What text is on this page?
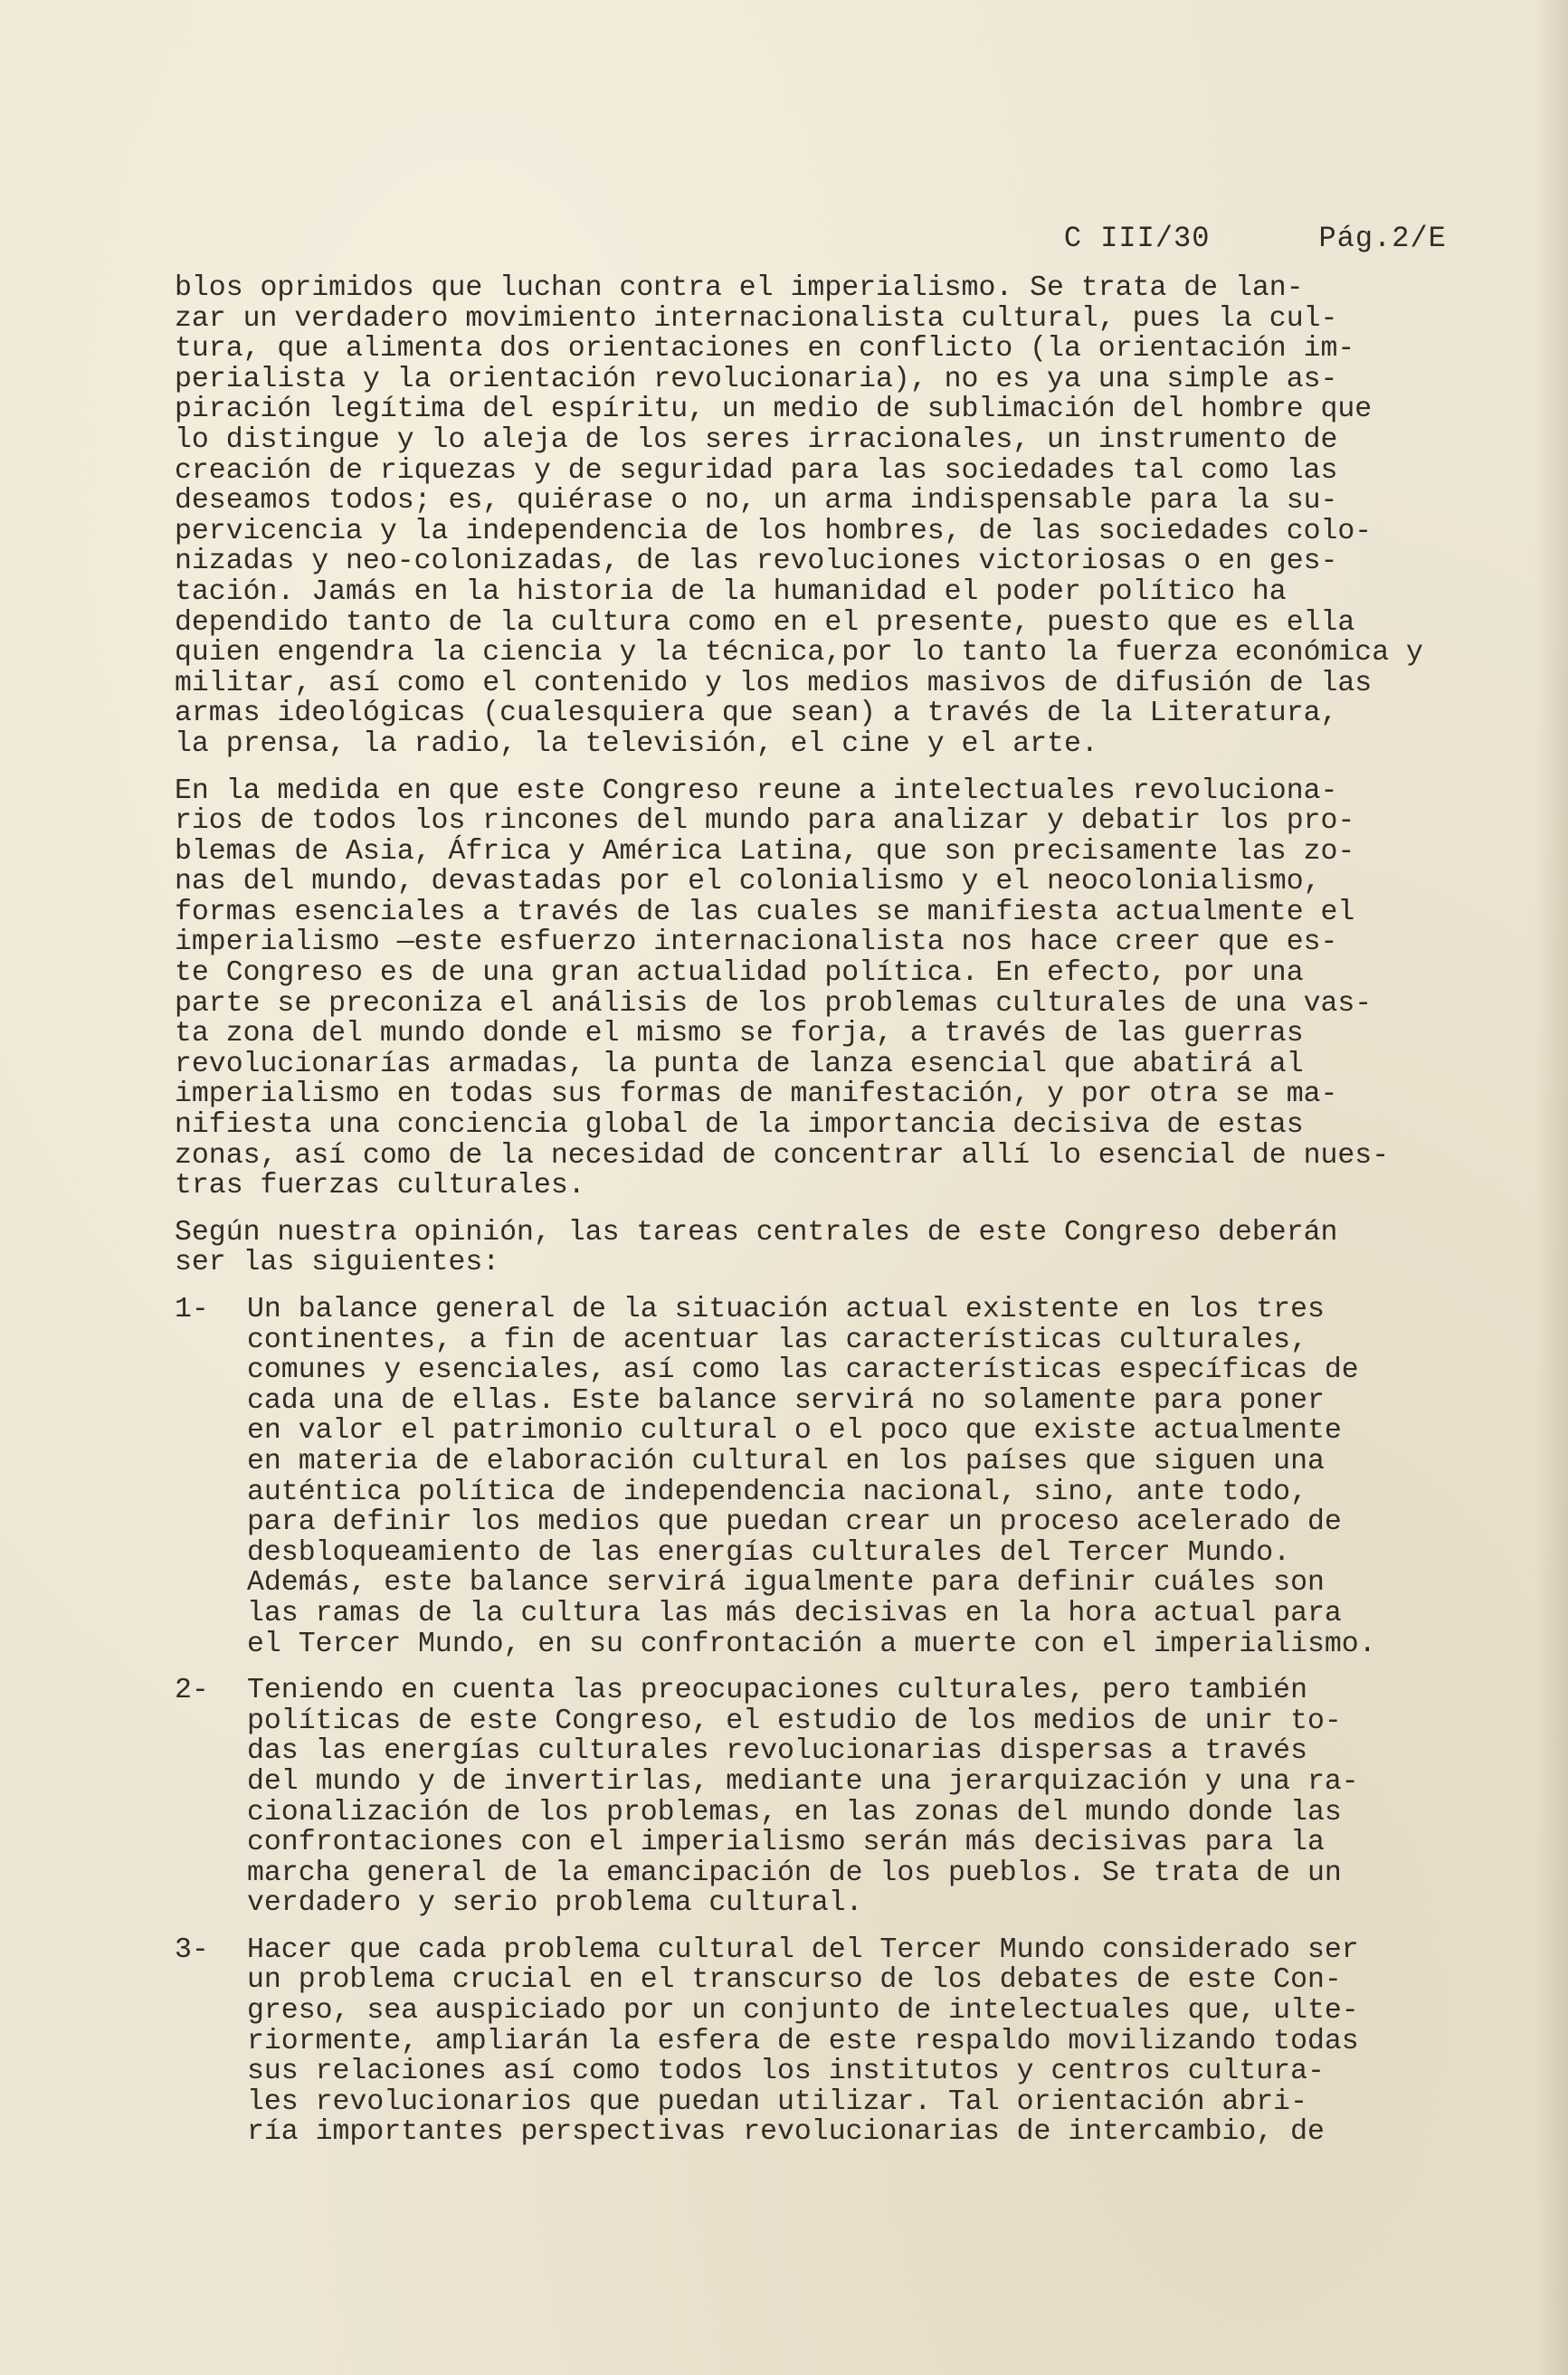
C III/30	Pág.2/E

blos oprimidos que luchan contra el imperialismo. Se trata de lan-
zar un verdadero movimiento internacionalista cultural, pues la cul-
tura, que alimenta dos orientaciones en conflicto (la orientación im-
perialista y la orientación revolucionaria), no es ya una simple as-
piración legítima del espíritu, un medio de sublimación del hombre que
lo distingue y lo aleja de los seres irracionales, un instrumento de
creación de riquezas y de seguridad para las sociedades tal como las
deseamos todos; es, quiérase o no, un arma indispensable para la su-
pervicencia y la independencia de los hombres, de las sociedades colo-
nizadas y neo-colonizadas, de las revoluciones victoriosas o en ges-
tación. Jamás en la historia de la humanidad el poder político ha
dependido tanto de la cultura como en el presente, puesto que es ella
quien engendra la ciencia y la técnica,por lo tanto la fuerza económica y
militar, así como el contenido y los medios masivos de difusión de las
armas ideológicas (cualesquiera que sean) a través de la Literatura,
la prensa, la radio, la televisión, el cine y el arte.
En la medida en que este Congreso reune a intelectuales revoluciona-
rios de todos los rincones del mundo para analizar y debatir los pro-
blemas de Asia, África y América Latina, que son precisamente las zo-
nas del mundo, devastadas por el colonialismo y el neocolonialismo,
formas esenciales a través de las cuales se manifiesta actualmente el
imperialismo —este esfuerzo internacionalista nos hace creer que es-
te Congreso es de una gran actualidad política. En efecto, por una
parte se preconiza el análisis de los problemas culturales de una vas-
ta zona del mundo donde el mismo se forja, a través de las guerras
revolucionarías armadas, la punta de lanza esencial que abatirá al
imperialismo en todas sus formas de manifestación, y por otra se ma-
nifiesta una conciencia global de la importancia decisiva de estas
zonas, así como de la necesidad de concentrar allí lo esencial de nues-
tras fuerzas culturales.
Según nuestra opinión, las tareas centrales de este Congreso deberán
ser las siguientes:
1- Un balance general de la situación actual existente en los tres
continentes, a fin de acentuar las características culturales,
comunes y esenciales, así como las características específicas de
cada una de ellas. Este balance servirá no solamente para poner
en valor el patrimonio cultural o el poco que existe actualmente
en materia de elaboración cultural en los países que siguen una
auténtica política de independencia nacional, sino, ante todo,
para definir los medios que puedan crear un proceso acelerado de
desbloqueamiento de las energías culturales del Tercer Mundo.
Además, este balance servirá igualmente para definir cuáles son
las ramas de la cultura las más decisivas en la hora actual para
el Tercer Mundo, en su confrontación a muerte con el imperialismo.
2- Teniendo en cuenta las preocupaciones culturales, pero también
políticas de este Congreso, el estudio de los medios de unir to-
das las energías culturales revolucionarias dispersas a través
del mundo y de invertirlas, mediante una jerarquización y una ra-
cionalización de los problemas, en las zonas del mundo donde las
confrontaciones con el imperialismo serán más decisivas para la
marcha general de la emancipación de los pueblos. Se trata de un
verdadero y serio problema cultural.
3- Hacer que cada problema cultural del Tercer Mundo considerado ser
un problema crucial en el transcurso de los debates de este Con-
greso, sea auspiciado por un conjunto de intelectuales que, ulte-
riormente, ampliarán la esfera de este respaldo movilizando todas
sus relaciones así como todos los institutos y centros cultura-
les revolucionarios que puedan utilizar. Tal orientación abri-
ría importantes perspectivas revolucionarias de intercambio, de
